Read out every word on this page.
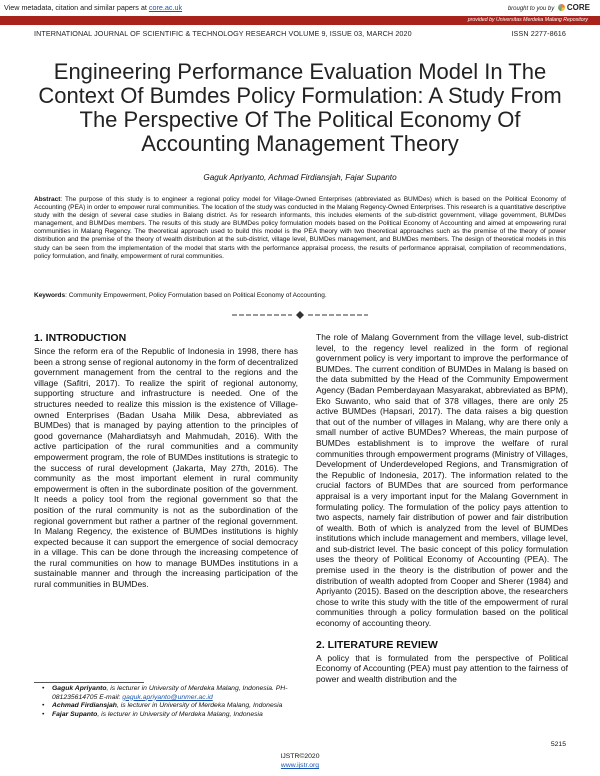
View metadata, citation and similar papers at core.ac.uk	brought to you by CORE
provided by Universitas Merdeka Malang Repository
INTERNATIONAL JOURNAL OF SCIENTIFIC & TECHNOLOGY RESEARCH VOLUME 9, ISSUE 03, MARCH 2020	ISSN 2277-8616
Engineering Performance Evaluation Model In The Context Of Bumdes Policy Formulation: A Study From The Perspective Of The Political Economy Of Accounting Management Theory
Gaguk Apriyanto, Achmad Firdiansjah, Fajar Supanto
Abstract: The purpose of this study is to engineer a regional policy model for Village-Owned Enterprises (abbreviated as BUMDes) which is based on the Political Economy of Accounting (PEA) in order to empower rural communities. The location of the study was conducted in the Malang Regency-Owned Enterprises. This research is a quantitative descriptive study with the design of several case studies in Balang district. As for research informants, this includes elements of the sub-district government, village government, BUMDes management, and BUMDes members. The results of this study are BUMDes policy formulation models based on the Political Economy of Accounting and aimed at empowering rural communities in Malang Regency. The theoretical approach used to build this model is the PEA theory with two theoretical approaches such as the premise of the theory of power distribution and the premise of the theory of wealth distribution at the sub-district, village level, BUMDes management, and BUMDes members. The design of theoretical models in this study can be seen from the implementation of the model that starts with the performance appraisal process, the results of performance appraisal, compilation of recommendations, policy formulation, and finally, empowerment of rural communities.
Keywords: Community Empowerment, Policy Formulation based on Political Economy of Accounting.
1. INTRODUCTION

Since the reform era of the Republic of Indonesia in 1998, there has been a strong sense of regional autonomy in the form of decentralized government management from the central to the regions and the village (Safitri, 2017). To realize the spirit of regional autonomy, supporting structure and infrastructure is needed. One of the structures needed to realize this mission is the existence of Village-owned Enterprises (Badan Usaha Milik Desa, abbreviated as BUMDes) that is managed by paying attention to the principles of good governance (Mahardiatsyh and Mahmudah, 2016). With the active participation of the rural communities and a community empowerment program, the role of BUMDes institutions is strategic to the success of rural development (Jakarta, May 27th, 2016). The community as the most important element in rural community empowerment is often in the subordinate position of the government. It needs a policy tool from the regional government so that the position of the rural community is not as the subordination of the regional government but rather a partner of the regional government. In Malang Regency, the existence of BUMDes institutions is highly expected because it can support the emergence of social democracy in a village. This can be done through the increasing competence of the rural communities on how to manage BUMDes institutions in a sustainable manner and through the increasing participation of the rural communities in BUMDes.

The role of Malang Government from the village level, sub-district level, to the regency level realized in the form of regional government policy is very important to improve the performance of BUMDes. The current condition of BUMDes in Malang is based on the data submitted by the Head of the Community Empowerment Agency (Badan Pemberdayaan Masyarakat, abbreviated as BPM), Eko Suwanto, who said that of 378 villages, there are only 25 active BUMDes (Hapsari, 2017). The data raises a big question that out of the number of villages in Malang, why are there only a small number of active BUMDes? Whereas, the main purpose of BUMDes establishment is to improve the welfare of rural communities through empowerment programs (Ministry of Villages, Development of Underdeveloped Regions, and Transmigration of the Republic of Indonesia, 2017). The information related to the crucial factors of BUMDes that are sourced from performance appraisal is a very important input for the Malang Government in formulating policy. The formulation of the policy pays attention to two aspects, namely fair distribution of power and fair distribution of wealth. Both of which is analyzed from the level of BUMDes institutions which include management and members, village level, and sub-district level. The basic concept of this policy formulation uses the theory of Political Economy of Accounting (PEA). The premise used in the theory is the distribution of power and the distribution of wealth adopted from Cooper and Sherer (1984) and Apriyanto (2015). Based on the description above, the researchers chose to write this study with the title of the empowerment of rural communities through a policy formulation based on the political economy of accounting theory.

2. LITERATURE REVIEW

A policy that is formulated from the perspective of Political Economy of Accounting (PEA) must pay attention to the fairness of power and wealth distribution and the

• Gaguk Apriyanto, is lecturer in University of Merdeka Malang, Indonesia. PH-081235614705 E-mail: gaguk.apriyanto@unmer.ac.id
• Achmad Firdiansjah, is lecturer in University of Merdeka Malang, Indonesia
• Fajar Supanto, is lecturer in University of Merdeka Malang, Indonesia
5215
IJSTR©2020
www.ijstr.org
